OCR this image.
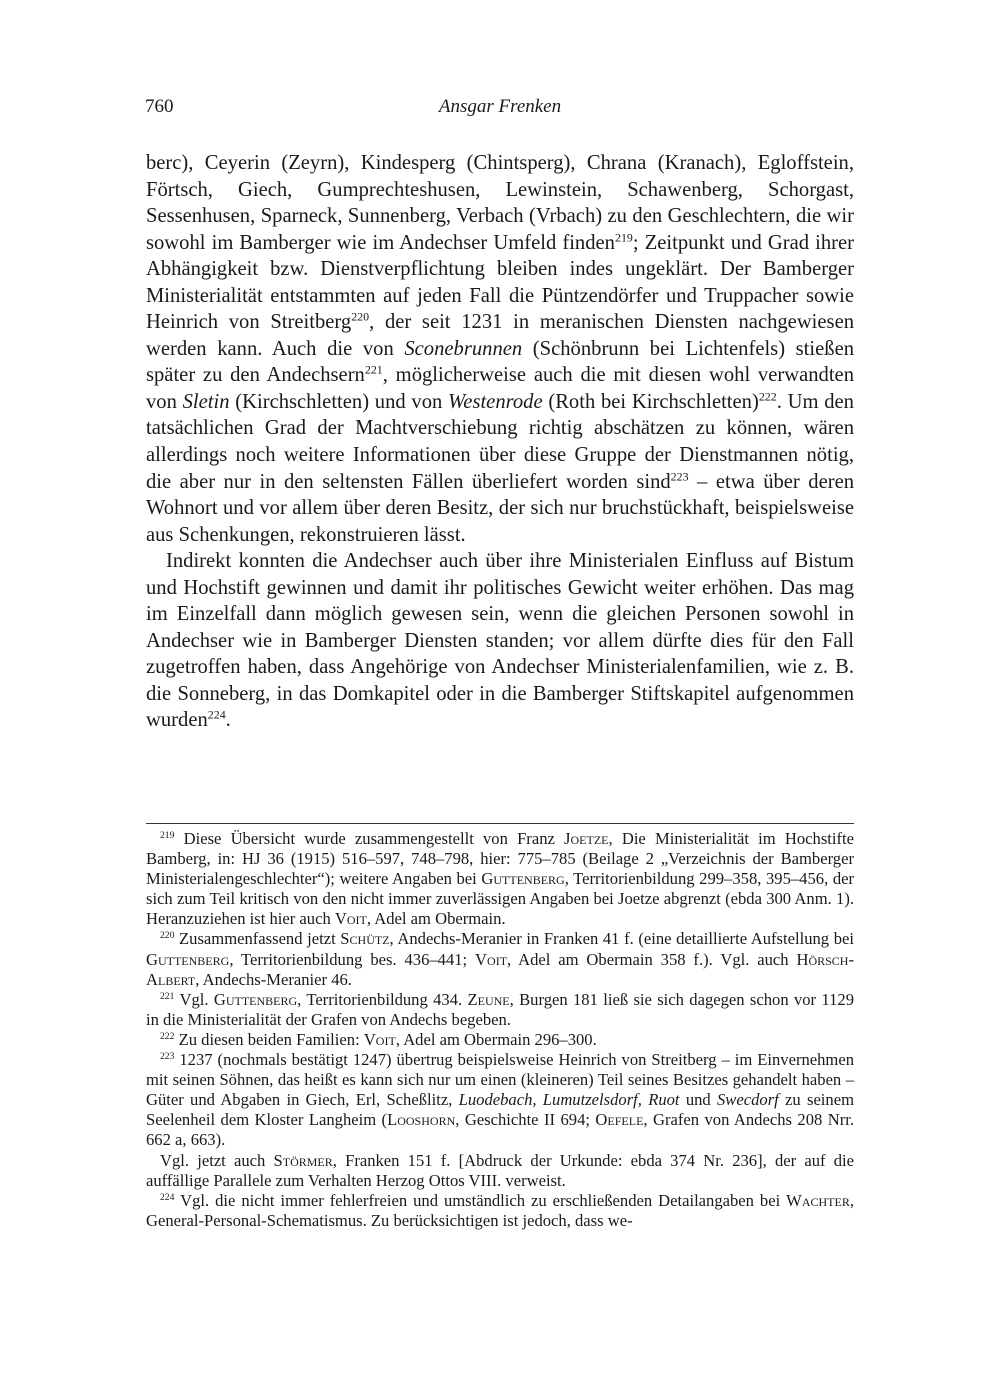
760	Ansgar Frenken

berc), Ceyerin (Zeyrn), Kindesperg (Chintsperg), Chrana (Kranach), Egloffstein, Förtsch, Giech, Gumprechteshusen, Lewinstein, Schawenberg, Schorgast, Sessenhusen, Sparneck, Sunnenberg, Verbach (Vrbach) zu den Geschlechtern, die wir sowohl im Bamberger wie im Andechser Umfeld finden$^{219}$; Zeitpunkt und Grad ihrer Abhängigkeit bzw. Dienstverpflichtung bleiben indes ungeklärt. Der Bamberger Ministerialität entstammten auf jeden Fall die Püntzendörfer und Truppacher sowie Heinrich von Streitberg$^{220}$, der seit 1231 in meranischen Diensten nachgewiesen werden kann. Auch die von Sconebrunnen (Schönbrunn bei Lichtenfels) stießen später zu den Andechsern$^{221}$, möglicherweise auch die mit diesen wohl verwandten von Sletin (Kirchschletten) und von Westenrode (Roth bei Kirchschletten)$^{222}$. Um den tatsächlichen Grad der Machtverschiebung richtig abschätzen zu können, wären allerdings noch weitere Informationen über diese Gruppe der Dienstmannen nötig, die aber nur in den seltensten Fällen überliefert worden sind$^{223}$ – etwa über deren Wohnort und vor allem über deren Besitz, der sich nur bruchstückhaft, beispielsweise aus Schenkungen, rekonstruieren lässt.

Indirekt konnten die Andechser auch über ihre Ministerialen Einfluss auf Bistum und Hochstift gewinnen und damit ihr politisches Gewicht weiter erhöhen. Das mag im Einzelfall dann möglich gewesen sein, wenn die gleichen Personen sowohl in Andechser wie in Bamberger Diensten standen; vor allem dürfte dies für den Fall zugetroffen haben, dass Angehörige von Andechser Ministerialenfamilien, wie z. B. die Sonneberg, in das Domkapitel oder in die Bamberger Stiftskapitel aufgenommen wurden$^{224}$.

$^{219}$ Diese Übersicht wurde zusammengestellt von Franz Joetze, Die Ministerialität im Hochstifte Bamberg, in: HJ 36 (1915) 516–597, 748–798, hier: 775–785 (Beilage 2 „Verzeichnis der Bamberger Ministerialengeschlechter“); weitere Angaben bei Guttenberg, Territorienbildung 299–358, 395–456, der sich zum Teil kritisch von den nicht immer zuverlässigen Angaben bei Joetze abgrenzt (ebda 300 Anm. 1). Heranzuziehen ist hier auch Voit, Adel am Obermain.

$^{220}$ Zusammenfassend jetzt Schütz, Andechs-Meranier in Franken 41 f. (eine detaillierte Aufstellung bei Guttenberg, Territorienbildung bes. 436–441; Voit, Adel am Obermain 358 f.). Vgl. auch Hörsch-Albert, Andechs-Meranier 46.

$^{221}$ Vgl. Guttenberg, Territorienbildung 434. Zeune, Burgen 181 ließ sie sich dagegen schon vor 1129 in die Ministerialität der Grafen von Andechs begeben.

$^{222}$ Zu diesen beiden Familien: Voit, Adel am Obermain 296–300.

$^{223}$ 1237 (nochmals bestätigt 1247) übertrug beispielsweise Heinrich von Streitberg – im Einvernehmen mit seinen Söhnen, das heißt es kann sich nur um einen (kleineren) Teil seines Besitzes gehandelt haben – Güter und Abgaben in Giech, Erl, Scheßlitz, Luodebach, Lumutzelsdorf, Ruot und Swecdorf zu seinem Seelenheil dem Kloster Langheim (Looshorn, Geschichte II 694; Oefele, Grafen von Andechs 208 Nrr. 662 a, 663).

Vgl. jetzt auch Störmer, Franken 151 f. [Abdruck der Urkunde: ebda 374 Nr. 236], der auf die auffällige Parallele zum Verhalten Herzog Ottos VIII. verweist.

$^{224}$ Vgl. die nicht immer fehlerfreien und umständlich zu erschließenden Detailangaben bei Wachter, General-Personal-Schematismus. Zu berücksichtigen ist jedoch, dass we-
